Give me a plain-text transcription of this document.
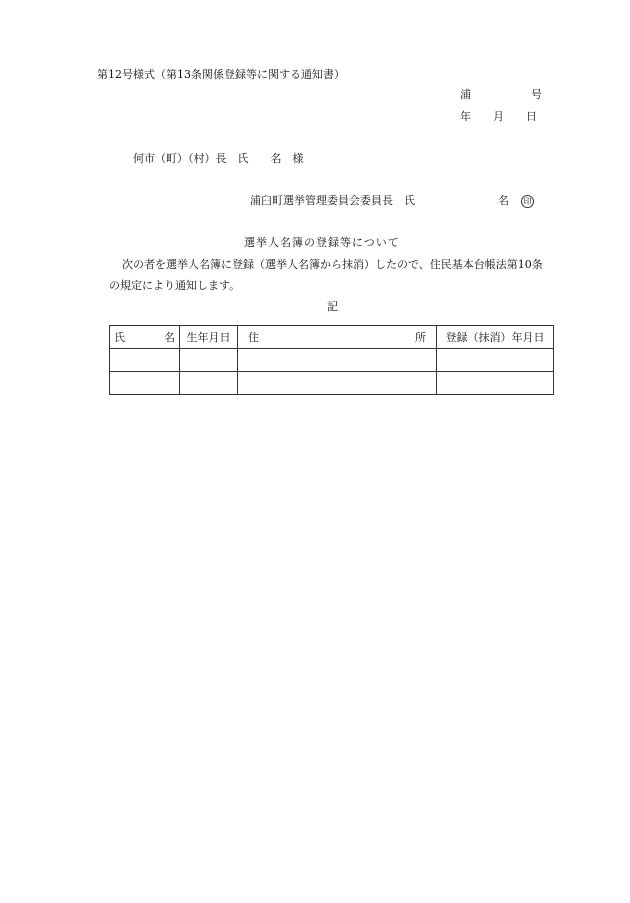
第12号様式（第13条関係登録等に関する通知書）
浦	号
年 月 日
何市（町）（村）長　氏　　名　様
浦臼町選挙管理委員会委員長　氏	名 印
選挙人名簿の登録等について
次の者を選挙人名簿に登録（選挙人名簿から抹消）したので、住民基本台帳法第10条
の規定により通知します。
記
氏 名	生年月日	住 所	登録（抹消）年月日
